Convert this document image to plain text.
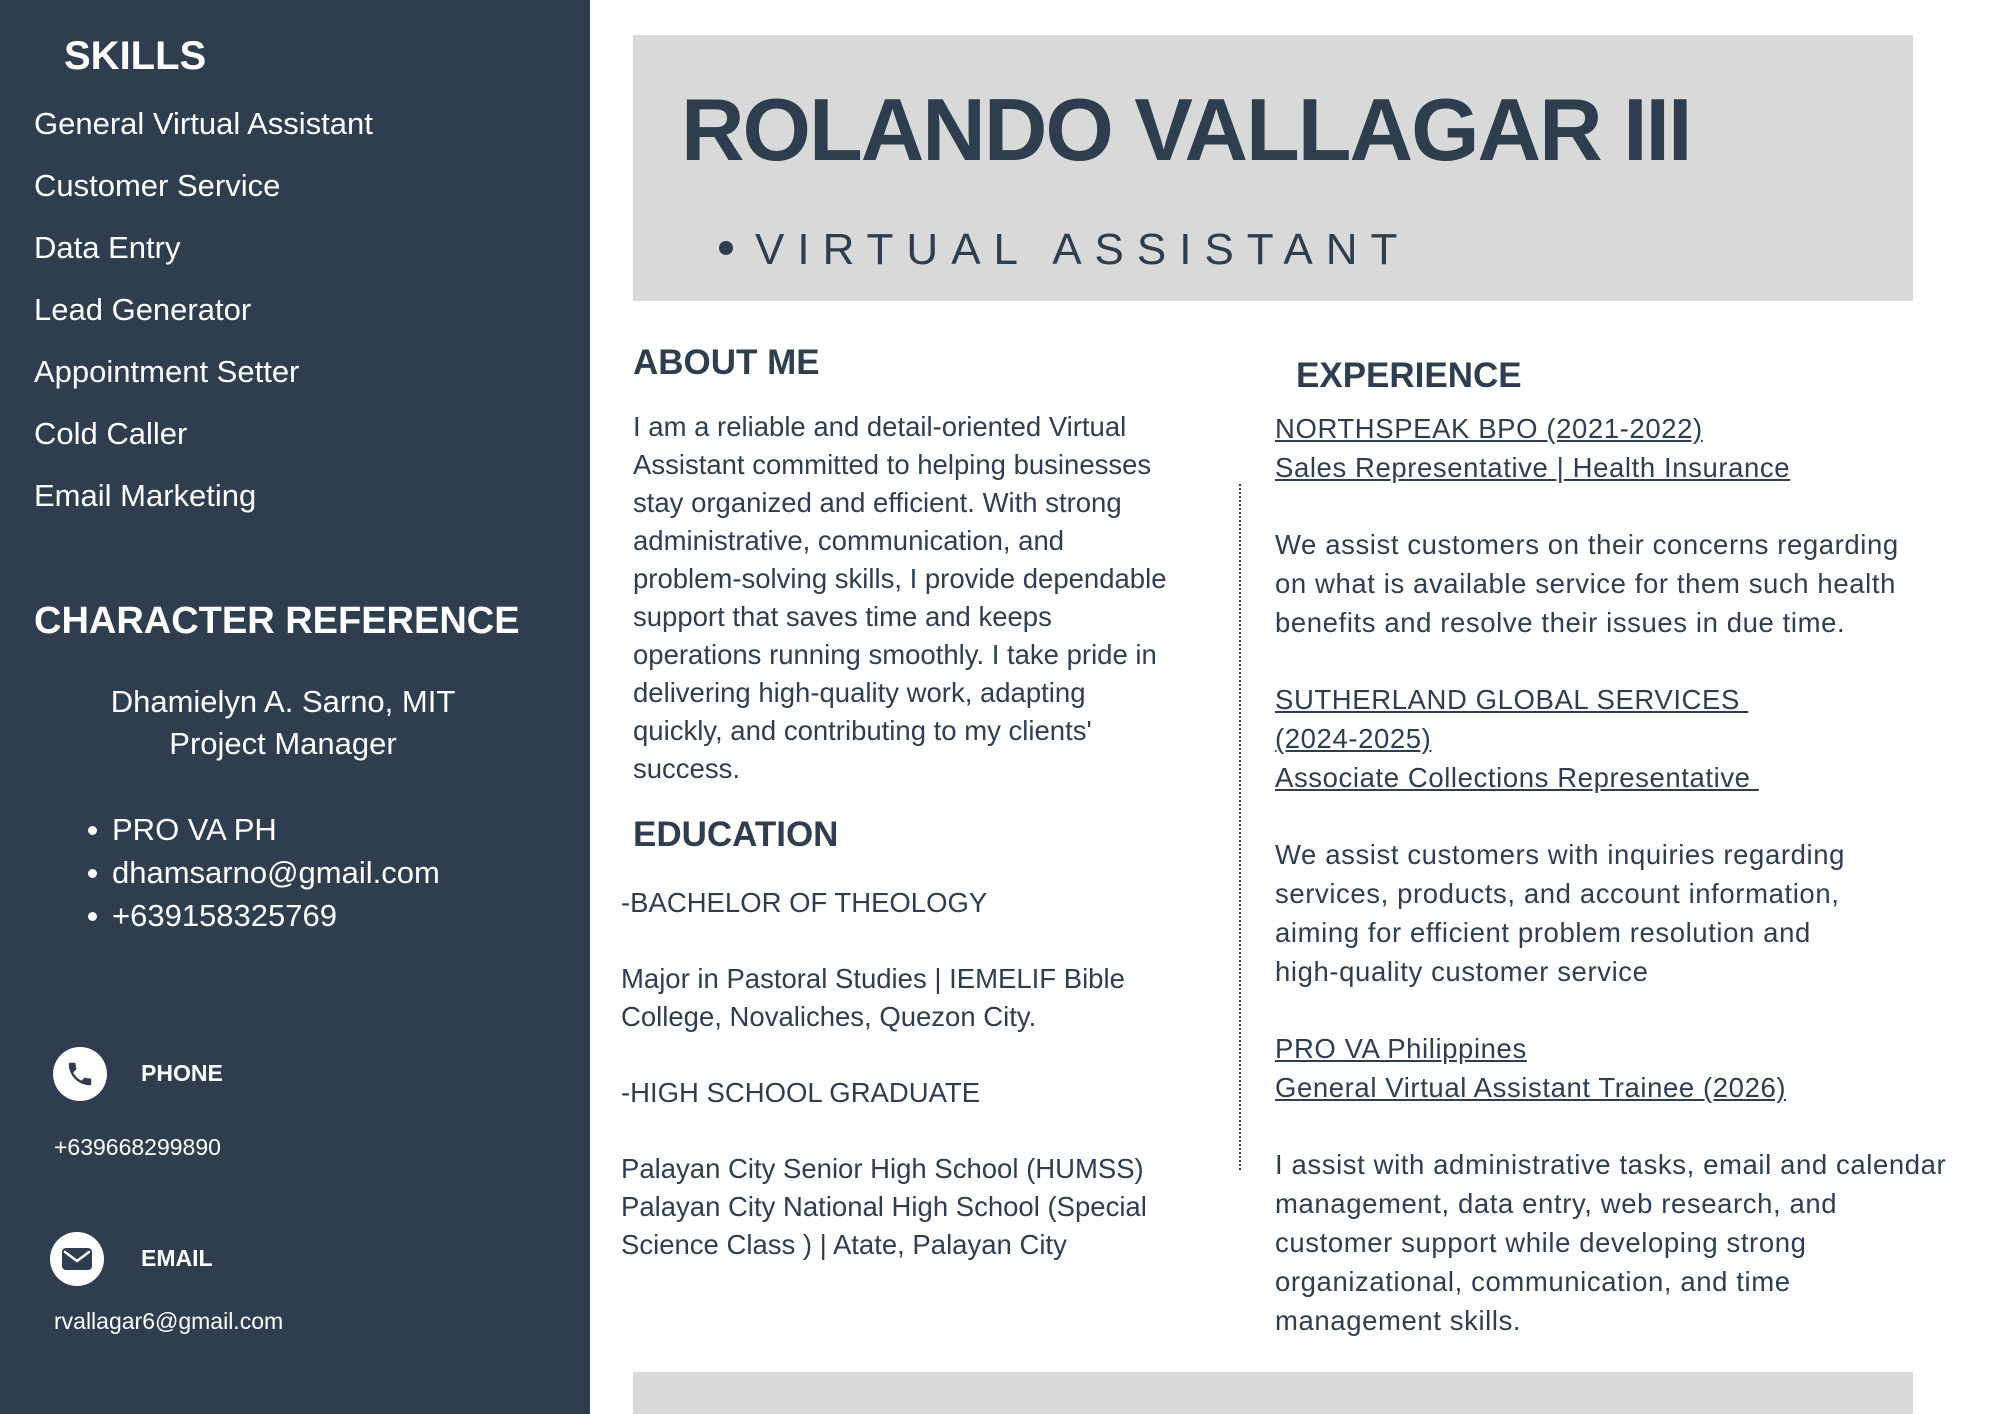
SKILLS
General Virtual Assistant
Customer Service
Data Entry
Lead Generator
Appointment Setter
Cold Caller
Email Marketing
CHARACTER REFERENCE
Dhamielyn A. Sarno, MIT
Project Manager
PRO VA PH
dhamsarno@gmail.com
+639158325769
PHONE
+639668299890
EMAIL
rvallagar6@gmail.com
ROLANDO VALLAGAR III
VIRTUAL ASSISTANT
ABOUT ME

I am a reliable and detail-oriented Virtual

Assistant committed to helping businesses

stay organized and efficient. With strong

administrative, communication, and

problem-solving skills, I provide dependable

support that saves time and keeps

operations running smoothly. I take pride in

delivering high-quality work, adapting

quickly, and contributing to my clients'

success.

EDUCATION

-BACHELOR OF THEOLOGY

Major in Pastoral Studies | IEMELIF Bible

College, Novaliches, Quezon City.

-HIGH SCHOOL GRADUATE

Palayan City Senior High School (HUMSS)

Palayan City National High School (Special

Science Class ) | Atate, Palayan City

EXPERIENCE

NORTHSPEAK BPO (2021-2022)

Sales Representative | Health Insurance

We assist customers on their concerns regarding

on what is available service for them such health

benefits and resolve their issues in due time.

SUTHERLAND GLOBAL SERVICES

(2024-2025)

Associate Collections Representative

We assist customers with inquiries regarding

services, products, and account information,

aiming for efficient problem resolution and

high-quality customer service

PRO VA Philippines

General Virtual Assistant Trainee (2026)

I assist with administrative tasks, email and calendar

management, data entry, web research, and

customer support while developing strong

organizational, communication, and time

management skills.
